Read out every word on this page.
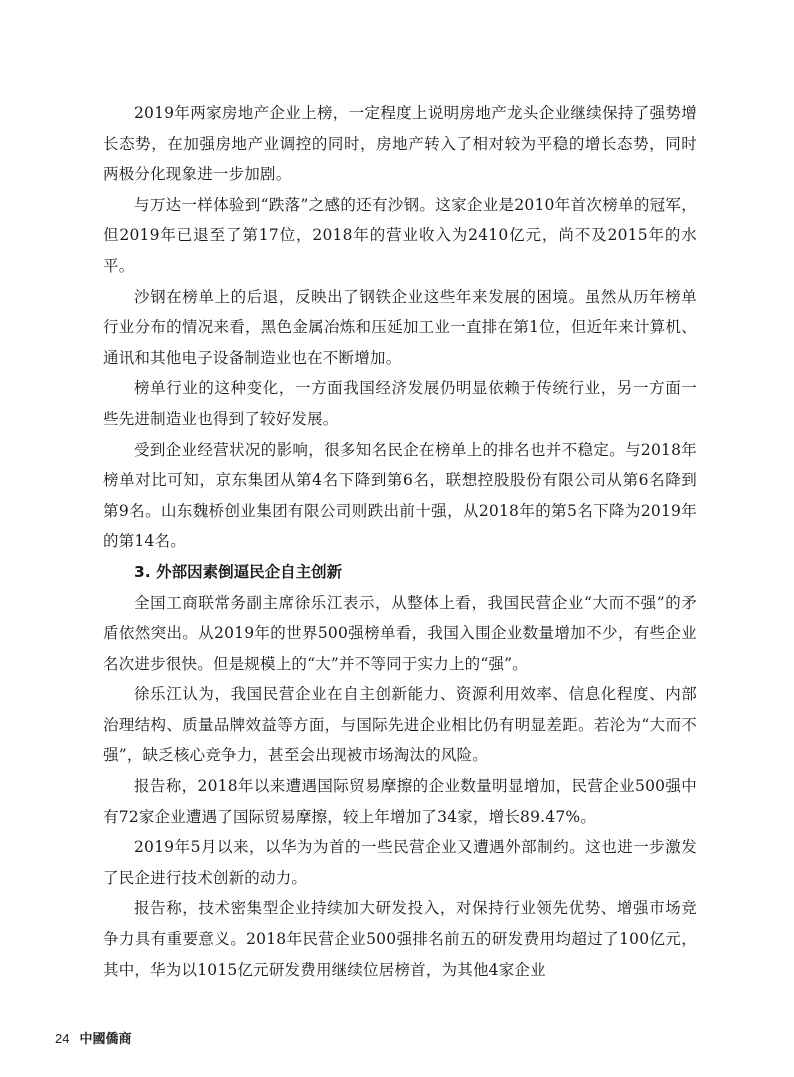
2019年两家房地产企业上榜，一定程度上说明房地产龙头企业继续保持了强势增长态势，在加强房地产业调控的同时，房地产转入了相对较为平稳的增长态势，同时两极分化现象进一步加剧。

与万达一样体验到“跌落”之感的还有沙钢。这家企业是2010年首次榜单的冠军，但2019年已退至了第17位，2018年的营业收入为2410亿元，尚不及2015年的水平。

沙钢在榜单上的后退，反映出了钢铁企业这些年来发展的困境。虽然从历年榜单行业分布的情况来看，黑色金属冶炼和压延加工业一直排在第1位，但近年来计算机、通讯和其他电子设备制造业也在不断增加。

榜单行业的这种变化，一方面我国经济发展仍明显依赖于传统行业，另一方面一些先进制造业也得到了较好发展。

受到企业经营状况的影响，很多知名民企在榜单上的排名也并不稳定。与2018年榜单对比可知，京东集团从第4名下降到第6名，联想控股股份有限公司从第6名降到第9名。山东魏桥创业集团有限公司则跌出前十强，从2018年的第5名下降为2019年的第14名。

3. 外部因素倒逼民企自主创新

全国工商联常务副主席徐乐江表示，从整体上看，我国民营企业“大而不强”的矛盾依然突出。从2019年的世界500强榜单看，我国入围企业数量增加不少，有些企业名次进步很快。但是规模上的“大”并不等同于实力上的“强”。

徐乐江认为，我国民营企业在自主创新能力、资源利用效率、信息化程度、内部治理结构、质量品牌效益等方面，与国际先进企业相比仍有明显差距。若沦为“大而不强”，缺乏核心竞争力，甚至会出现被市场淘汰的风险。

报告称，2018年以来遭遇国际贸易摩擦的企业数量明显增加，民营企业500强中有72家企业遭遇了国际贸易摩擦，较上年增加了34家，增长89.47%。

2019年5月以来，以华为为首的一些民营企业又遭遇外部制约。这也进一步激发了民企进行技术创新的动力。

报告称，技术密集型企业持续加大研发投入，对保持行业领先优势、增强市场竞争力具有重要意义。2018年民营企业500强排名前五的研发费用均超过了100亿元，其中，华为以1015亿元研发费用继续位居榜首，为其他4家企业

24 中國僑商
